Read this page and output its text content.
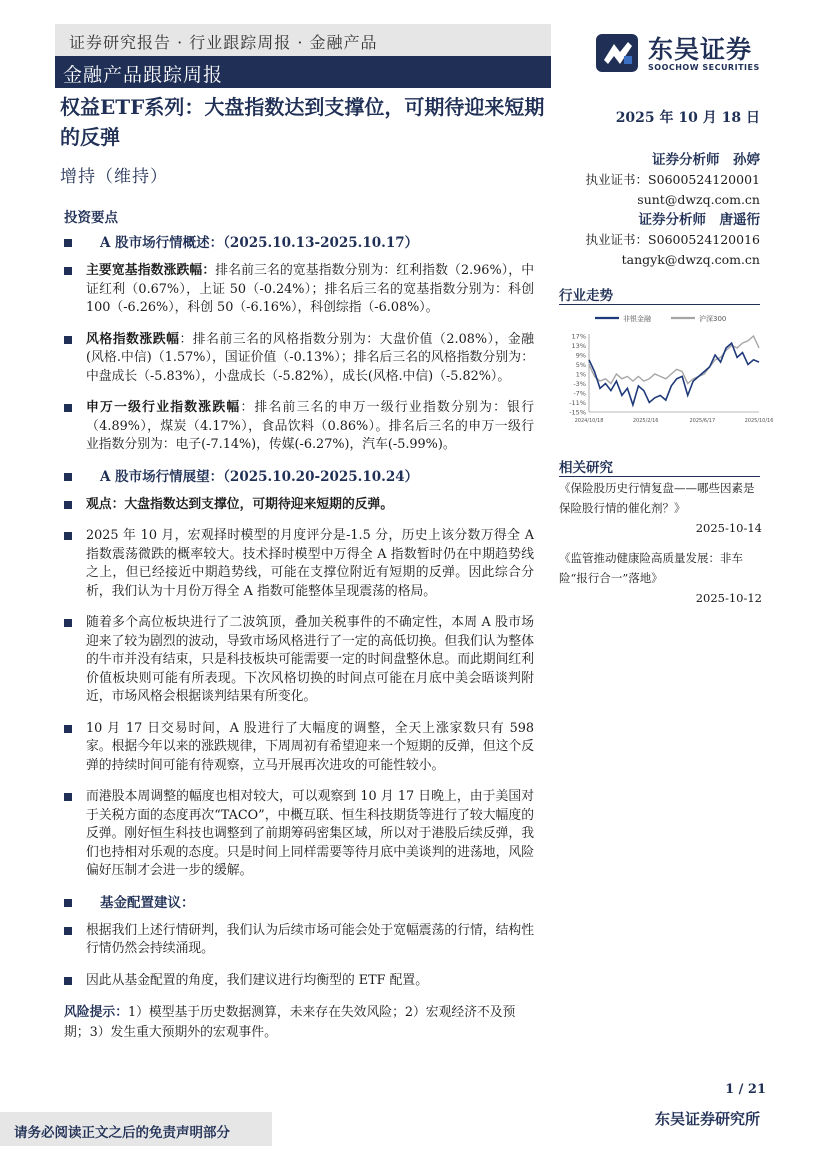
证券研究报告 · 行业跟踪周报 · 金融产品
金融产品跟踪周报
东吴证券
SOOCHOW SECURITIES
权益ETF系列：大盘指数达到支撑位，可期待迎来短期的反弹
增持（维持）
2025 年 10 月 18 日
证券分析师　孙婷
执业证书：S0600524120001
sunt@dwzq.com.cn
证券分析师　唐遥衎
执业证书：S0600524120016
tangyk@dwzq.com.cn
行业走势
非银金融	沪深300
17%
13%
9%
5%
1%
-3%
-7%
-11%
-15%
2024/10/18	2025/2/16	2025/6/17	2025/10/16
相关研究
《保险股历史行情复盘——哪些因素是保险股行情的催化剂？》
2025-10-14
《监管推动健康险高质量发展：非车险“报行合一”落地》
2025-10-12
投资要点
A 股市场行情概述：（2025.10.13-2025.10.17）
主要宽基指数涨跌幅：排名前三名的宽基指数分别为：红利指数（2.96%），中证红利（0.67%），上证 50（-0.24%）；排名后三名的宽基指数分别为：科创 100（-6.26%），科创 50（-6.16%），科创综指（-6.08%）。
风格指数涨跌幅：排名前三名的风格指数分别为：大盘价值（2.08%），金融(风格.中信)（1.57%），国证价值（-0.13%）；排名后三名的风格指数分别为：中盘成长（-5.83%），小盘成长（-5.82%），成长(风格.中信)（-5.82%）。
申万一级行业指数涨跌幅：排名前三名的申万一级行业指数分别为：银行（4.89%），煤炭（4.17%），食品饮料（0.86%）。排名后三名的申万一级行业指数分别为：电子(-7.14%)，传媒(-6.27%)，汽车(-5.99%)。
A 股市场行情展望：（2025.10.20-2025.10.24）
观点：大盘指数达到支撑位，可期待迎来短期的反弹。
2025 年 10 月，宏观择时模型的月度评分是-1.5 分，历史上该分数万得全 A 指数震荡微跌的概率较大。技术择时模型中万得全 A 指数暂时仍在中期趋势线之上，但已经接近中期趋势线，可能在支撑位附近有短期的反弹。因此综合分析，我们认为十月份万得全 A 指数可能整体呈现震荡的格局。
随着多个高位板块进行了二波筑顶，叠加关税事件的不确定性，本周 A 股市场迎来了较为剧烈的波动，导致市场风格进行了一定的高低切换。但我们认为整体的牛市并没有结束，只是科技板块可能需要一定的时间盘整休息。而此期间红利价值板块则可能有所表现。下次风格切换的时间点可能在月底中美会晤谈判附近，市场风格会根据谈判结果有所变化。
10 月 17 日交易时间，A 股进行了大幅度的调整，全天上涨家数只有 598 家。根据今年以来的涨跌规律，下周周初有希望迎来一个短期的反弹，但这个反弹的持续时间可能有待观察，立马开展再次进攻的可能性较小。
而港股本周调整的幅度也相对较大，可以观察到 10 月 17 日晚上，由于美国对于关税方面的态度再次“TACO”，中概互联、恒生科技期货等进行了较大幅度的反弹。刚好恒生科技也调整到了前期筹码密集区域，所以对于港股后续反弹，我们也持相对乐观的态度。只是时间上同样需要等待月底中美谈判的进荡地，风险偏好压制才会进一步的缓解。
基金配置建议：
根据我们上述行情研判，我们认为后续市场可能会处于宽幅震荡的行情，结构性行情仍然会持续涌现。
因此从基金配置的角度，我们建议进行均衡型的 ETF 配置。
风险提示：1）模型基于历史数据测算，未来存在失效风险；2）宏观经济不及预期；3）发生重大预期外的宏观事件。
1 / 21
请务必阅读正文之后的免责声明部分
东吴证券研究所
